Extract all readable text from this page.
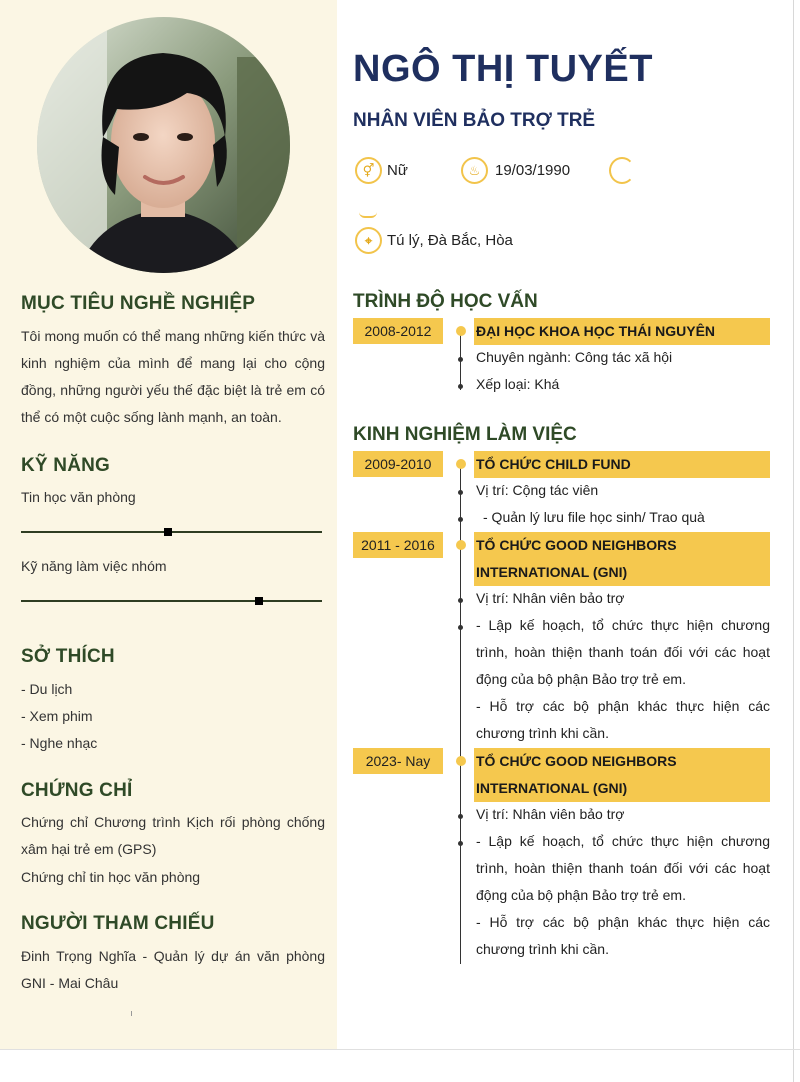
MỤC TIÊU NGHỀ NGHIỆP
Tôi mong muốn có thể mang những kiến thức và kinh nghiệm của mình để mang lại cho cộng đồng, những người yếu thế đặc biệt là trẻ em có thể có một cuộc sống lành mạnh, an toàn.
KỸ NĂNG
Tin học văn phòng
Kỹ năng làm việc nhóm
SỞ THÍCH
- Du lịch
- Xem phim
- Nghe nhạc
CHỨNG CHỈ
Chứng chỉ Chương trình Kịch rối phòng chống xâm hại trẻ em (GPS)
Chứng chỉ tin học văn phòng
NGƯỜI THAM CHIẾU
Đinh Trọng Nghĩa - Quản lý dự án văn phòng GNI - Mai Châu
NGÔ THỊ TUYẾT
NHÂN VIÊN BẢO TRỢ TRẺ
⚥ Nữ	♨ 19/03/1990
⌖ Tú lý, Đà Bắc, Hòa
TRÌNH ĐỘ HỌC VẤN
2008-2012	ĐẠI HỌC KHOA HỌC THÁI NGUYÊN
Chuyên ngành: Công tác xã hội
Xếp loại: Khá
KINH NGHIỆM LÀM VIỆC
2009-2010	TỔ CHỨC CHILD FUND
Vị trí: Cộng tác viên
- Quản lý lưu file học sinh/ Trao quà
2011 - 2016	TỔ CHỨC GOOD NEIGHBORS INTERNATIONAL (GNI)
Vị trí: Nhân viên bảo trợ
- Lập kế hoạch, tổ chức thực hiện chương trình, hoàn thiện thanh toán đối với các hoạt động của bộ phận Bảo trợ trẻ em.
- Hỗ trợ các bộ phận khác thực hiện các chương trình khi cần.
2023- Nay	TỔ CHỨC GOOD NEIGHBORS INTERNATIONAL (GNI)
Vị trí: Nhân viên bảo trợ
- Lập kế hoạch, tổ chức thực hiện chương trình, hoàn thiện thanh toán đối với các hoạt động của bộ phận Bảo trợ trẻ em.
- Hỗ trợ các bộ phận khác thực hiện các chương trình khi cần.
